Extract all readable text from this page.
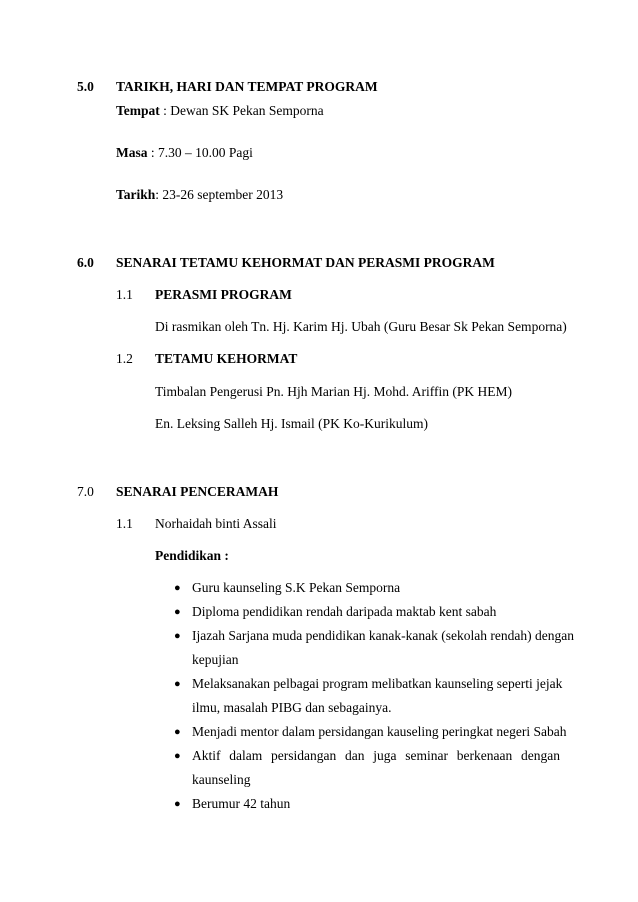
5.0 TARIKH, HARI DAN TEMPAT PROGRAM
Tempat : Dewan SK Pekan Semporna
Masa : 7.30 – 10.00 Pagi
Tarikh: 23-26 september 2013
6.0 SENARAI TETAMU KEHORMAT DAN PERASMI PROGRAM
1.1 PERASMI PROGRAM
Di rasmikan oleh Tn. Hj. Karim Hj. Ubah (Guru Besar Sk Pekan Semporna)
1.2 TETAMU KEHORMAT
Timbalan Pengerusi Pn. Hjh Marian Hj. Mohd. Ariffin (PK HEM)
En. Leksing Salleh Hj. Ismail (PK Ko-Kurikulum)
7.0 SENARAI PENCERAMAH
1.1 Norhaidah binti Assali
Pendidikan :
● Guru kaunseling S.K Pekan Semporna
● Diploma pendidikan rendah daripada maktab kent sabah
● Ijazah Sarjana muda pendidikan kanak-kanak (sekolah rendah) dengan
kepujian
● Melaksanakan pelbagai program melibatkan kaunseling seperti jejak
ilmu, masalah PIBG dan sebagainya.
● Menjadi mentor dalam persidangan kauseling peringkat negeri Sabah
● Aktif dalam persidangan dan juga seminar berkenaan dengan
kaunseling
● Berumur 42 tahun
